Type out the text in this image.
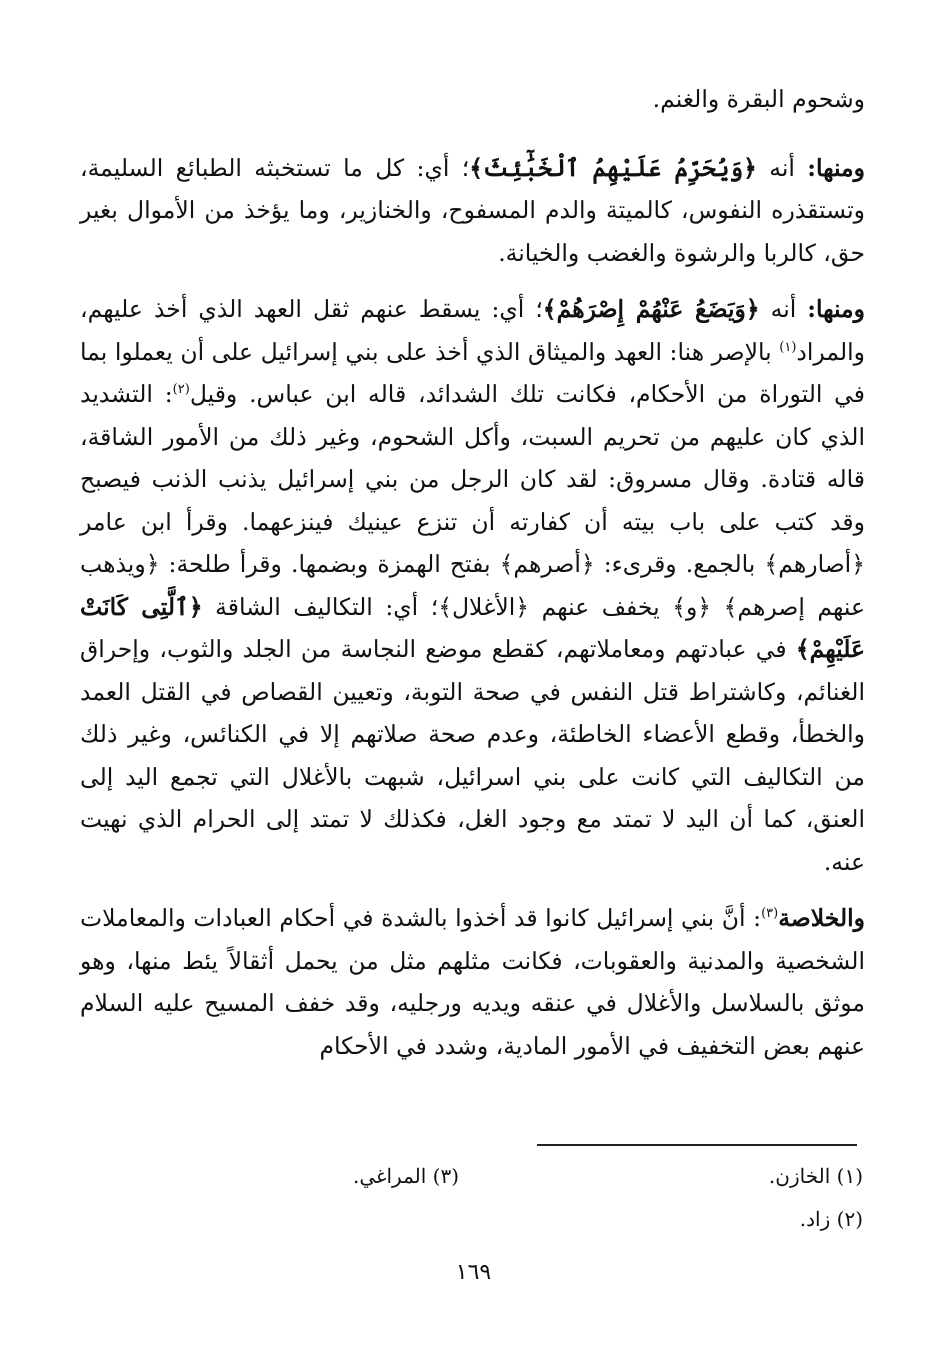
وشحوم البقرة والغنم.

ومنها: أنه ﴿وَيُحَرِّمُ عَلَيْهِمُ ٱلْخَبَٰٓئِثَ﴾؛ أي: كل ما تستخبثه الطبائع السليمة، وتستقذره النفوس، كالميتة والدم المسفوح، والخنازير، وما يؤخذ من الأموال بغير حق، كالربا والرشوة والغضب والخيانة.

ومنها: أنه ﴿وَيَضَعُ عَنْهُمْ إِصْرَهُمْ﴾؛ أي: يسقط عنهم ثقل العهد الذي أخذ عليهم، والمراد$^{(١)}$ بالإصر هنا: العهد والميثاق الذي أخذ على بني إسرائيل على أن يعملوا بما في التوراة من الأحكام، فكانت تلك الشدائد، قاله ابن عباس. وقيل$^{(٢)}$: التشديد الذي كان عليهم من تحريم السبت، وأكل الشحوم، وغير ذلك من الأمور الشاقة، قاله قتادة. وقال مسروق: لقد كان الرجل من بني إسرائيل يذنب الذنب فيصبح وقد كتب على باب بيته أن كفارته أن تنزع عينيك فينزعهما. وقرأ ابن عامر ﴿أصارهم﴾ بالجمع. وقرىء: ﴿أصرهم﴾ بفتح الهمزة وبضمها. وقرأ طلحة: ﴿ويذهب عنهم إصرهم﴾ ﴿و﴾ يخفف عنهم ﴿الأغلال﴾؛ أي: التكاليف الشاقة ﴿ٱلَّتِى كَانَتْ عَلَيْهِمْ﴾ في عبادتهم ومعاملاتهم، كقطع موضع النجاسة من الجلد والثوب، وإحراق الغنائم، وكاشتراط قتل النفس في صحة التوبة، وتعيين القصاص في القتل العمد والخطأ، وقطع الأعضاء الخاطئة، وعدم صحة صلاتهم إلا في الكنائس، وغير ذلك من التكاليف التي كانت على بني اسرائيل، شبهت بالأغلال التي تجمع اليد إلى العنق، كما أن اليد لا تمتد مع وجود الغل، فكذلك لا تمتد إلى الحرام الذي نهيت عنه.

والخلاصة$^{(٣)}$: أنَّ بني إسرائيل كانوا قد أخذوا بالشدة في أحكام العبادات والمعاملات الشخصية والمدنية والعقوبات، فكانت مثلهم مثل من يحمل أثقالاً يئط منها، وهو موثق بالسلاسل والأغلال في عنقه ويديه ورجليه، وقد خفف المسيح عليه السلام عنهم بعض التخفيف في الأمور المادية، وشدد في الأحكام

(١) الخازن.
(٣) المراغي.
(٢) زاد.
١٦٩
